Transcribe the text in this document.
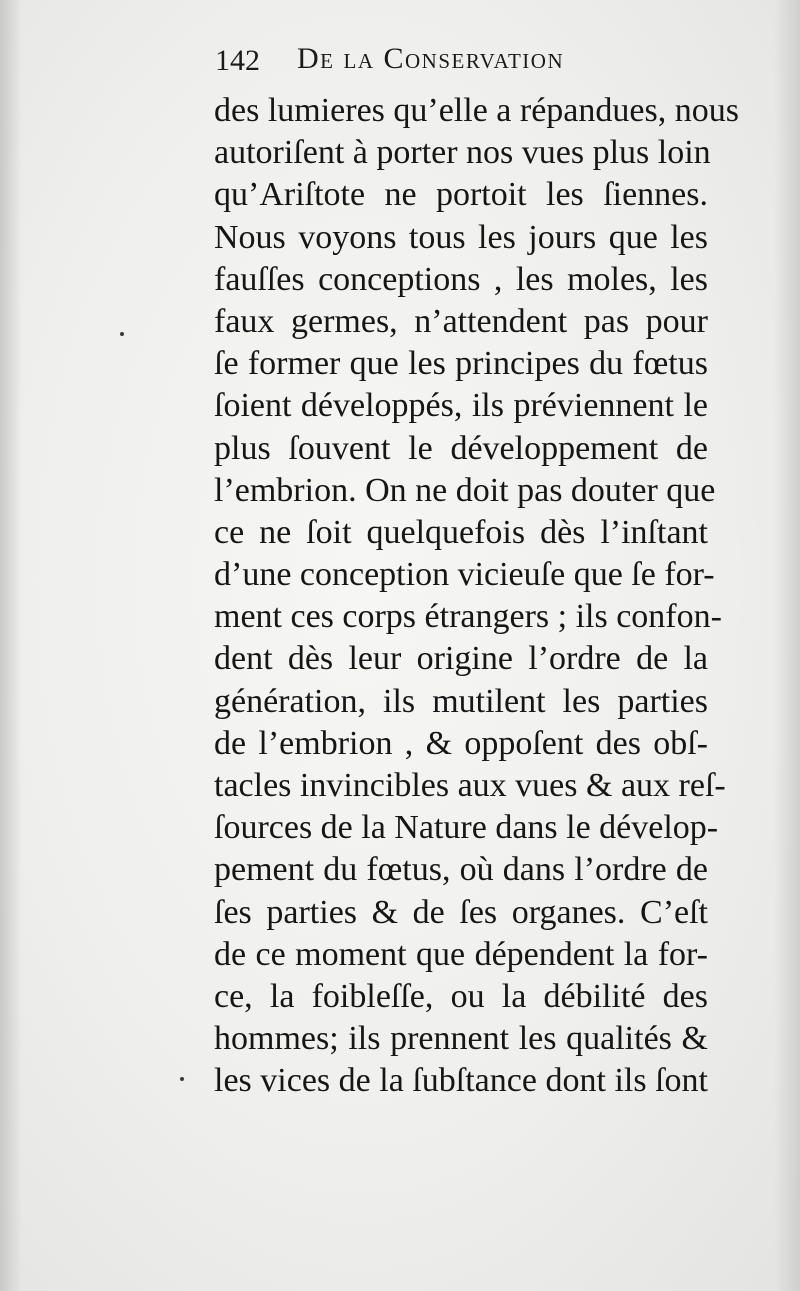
142 De la Conservation
des lumieres qu’elle a répandues, nous
autoriſent à porter nos vues plus loin
qu’Ariſtote ne portoit les ſiennes.
Nous voyons tous les jours que les
fauſſes conceptions , les moles, les
faux germes, n’attendent pas pour
ſe former que les principes du fœtus
ſoient développés, ils préviennent le
plus ſouvent le développement de
l’embrion. On ne doit pas douter que
ce ne ſoit quelquefois dès l’inſtant
d’une conception vicieuſe que ſe for-
ment ces corps étrangers ; ils confon-
dent dès leur origine l’ordre de la
génération, ils mutilent les parties
de l’embrion , & oppoſent des obſ-
tacles invincibles aux vues & aux reſ-
ſources de la Nature dans le dévelop-
pement du fœtus, où dans l’ordre de
ſes parties & de ſes organes. C’eſt
de ce moment que dépendent la for-
ce, la foibleſſe, ou la débilité des
hommes; ils prennent les qualités &
les vices de la ſubſtance dont ils ſont
